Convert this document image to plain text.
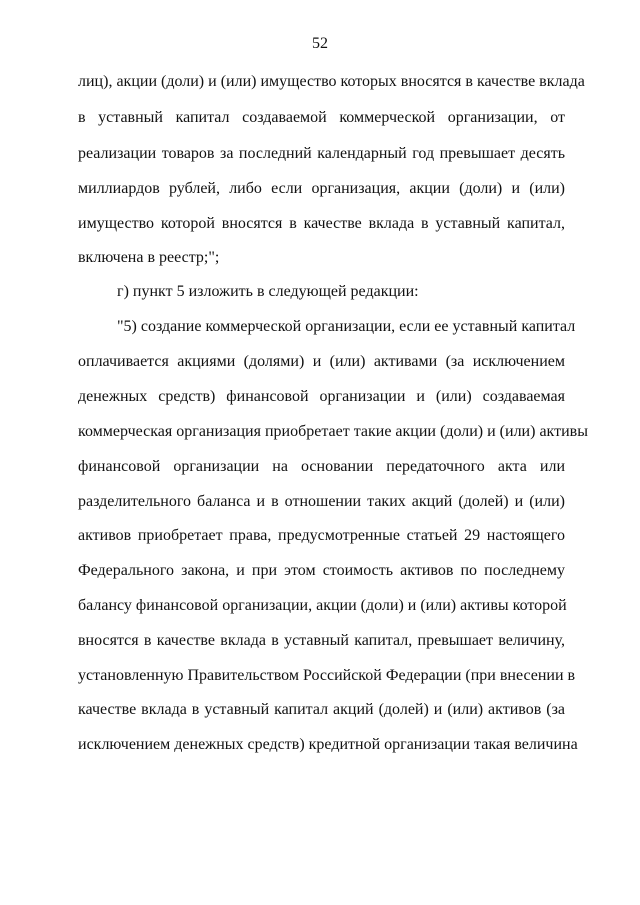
52
лиц), акции (доли) и (или) имущество которых вносятся в качестве вклада
в уставный капитал создаваемой коммерческой организации, от
реализации товаров за последний календарный год превышает десять
миллиардов рублей, либо если организация, акции (доли) и (или)
имущество которой вносятся в качестве вклада в уставный капитал,
включена в реестр;";
г) пункт 5 изложить в следующей редакции:
"5) создание коммерческой организации, если ее уставный капитал
оплачивается акциями (долями) и (или) активами (за исключением
денежных средств) финансовой организации и (или) создаваемая
коммерческая организация приобретает такие акции (доли) и (или) активы
финансовой организации на основании передаточного акта или
разделительного баланса и в отношении таких акций (долей) и (или)
активов приобретает права, предусмотренные статьей 29 настоящего
Федерального закона, и при этом стоимость активов по последнему
балансу финансовой организации, акции (доли) и (или) активы которой
вносятся в качестве вклада в уставный капитал, превышает величину,
установленную Правительством Российской Федерации (при внесении в
качестве вклада в уставный капитал акций (долей) и (или) активов (за
исключением денежных средств) кредитной организации такая величина
